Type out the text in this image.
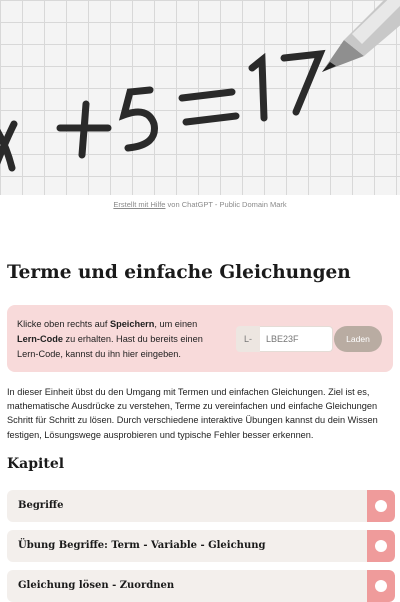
Erstellt mit Hilfe von ChatGPT - Public Domain Mark
Terme und einfache Gleichungen
Klicke oben rechts auf Speichern, um einen Lern-Code zu erhalten. Hast du bereits einen Lern-Code, kannst du ihn hier eingeben.
L-
LBE23F	Laden

In dieser Einheit übst du den Umgang mit Termen und einfachen Gleichungen. Ziel ist es, mathematische Ausdrücke zu verstehen, Terme zu vereinfachen und einfache Gleichungen Schritt für Schritt zu lösen. Durch verschiedene interaktive Übungen kannst du dein Wissen festigen, Lösungswege ausprobieren und typische Fehler besser erkennen.

Kapitel
Begriffe
Übung Begriffe: Term - Variable - Gleichung
Gleichung lösen - Zuordnen
